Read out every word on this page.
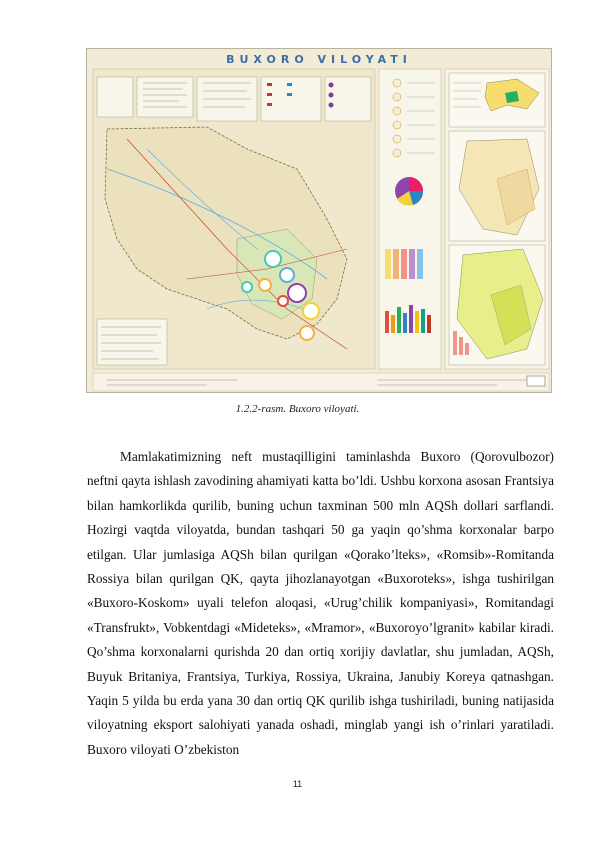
BUXORO VILOYATI
1.2.2-rasm. Buxoro viloyati.

Mamlakatimizning neft mustaqilligini taminlashda Buxoro (Qorovulbozor) neftni qayta ishlash zavodining ahamiyati katta bo’ldi. Ushbu korxona asosan Frantsiya bilan hamkorlikda qurilib, buning uchun taxminan 500 mln AQSh dollari sarflandi. Hozirgi vaqtda viloyatda, bundan tashqari 50 ga yaqin qo’shma korxonalar barpo etilgan. Ular jumlasiga AQSh bilan qurilgan «Qorako’lteks», «Romsib»-Romitanda Rossiya bilan qurilgan QK, qayta jihozlanayotgan «Buxoroteks», ishga tushirilgan «Buxoro-Koskom» uyali telefon aloqasi, «Urug’chilik kompaniyasi», Romitandagi «Transfrukt», Vobkentdagi «Mideteks», «Mramor», «Buxoroyo’lgranit» kabilar kiradi. Qo’shma korxonalarni qurishda 20 dan ortiq xorijiy davlatlar, shu jumladan, AQSh, Buyuk Britaniya, Frantsiya, Turkiya, Rossiya, Ukraina, Janubiy Koreya qatnashgan. Yaqin 5 yilda bu erda yana 30 dan ortiq QK qurilib ishga tushiriladi, buning natijasida viloyatning eksport salohiyati yanada oshadi, minglab yangi ish o’rinlari yaratiladi. Buxoro viloyati O’zbekiston

11
